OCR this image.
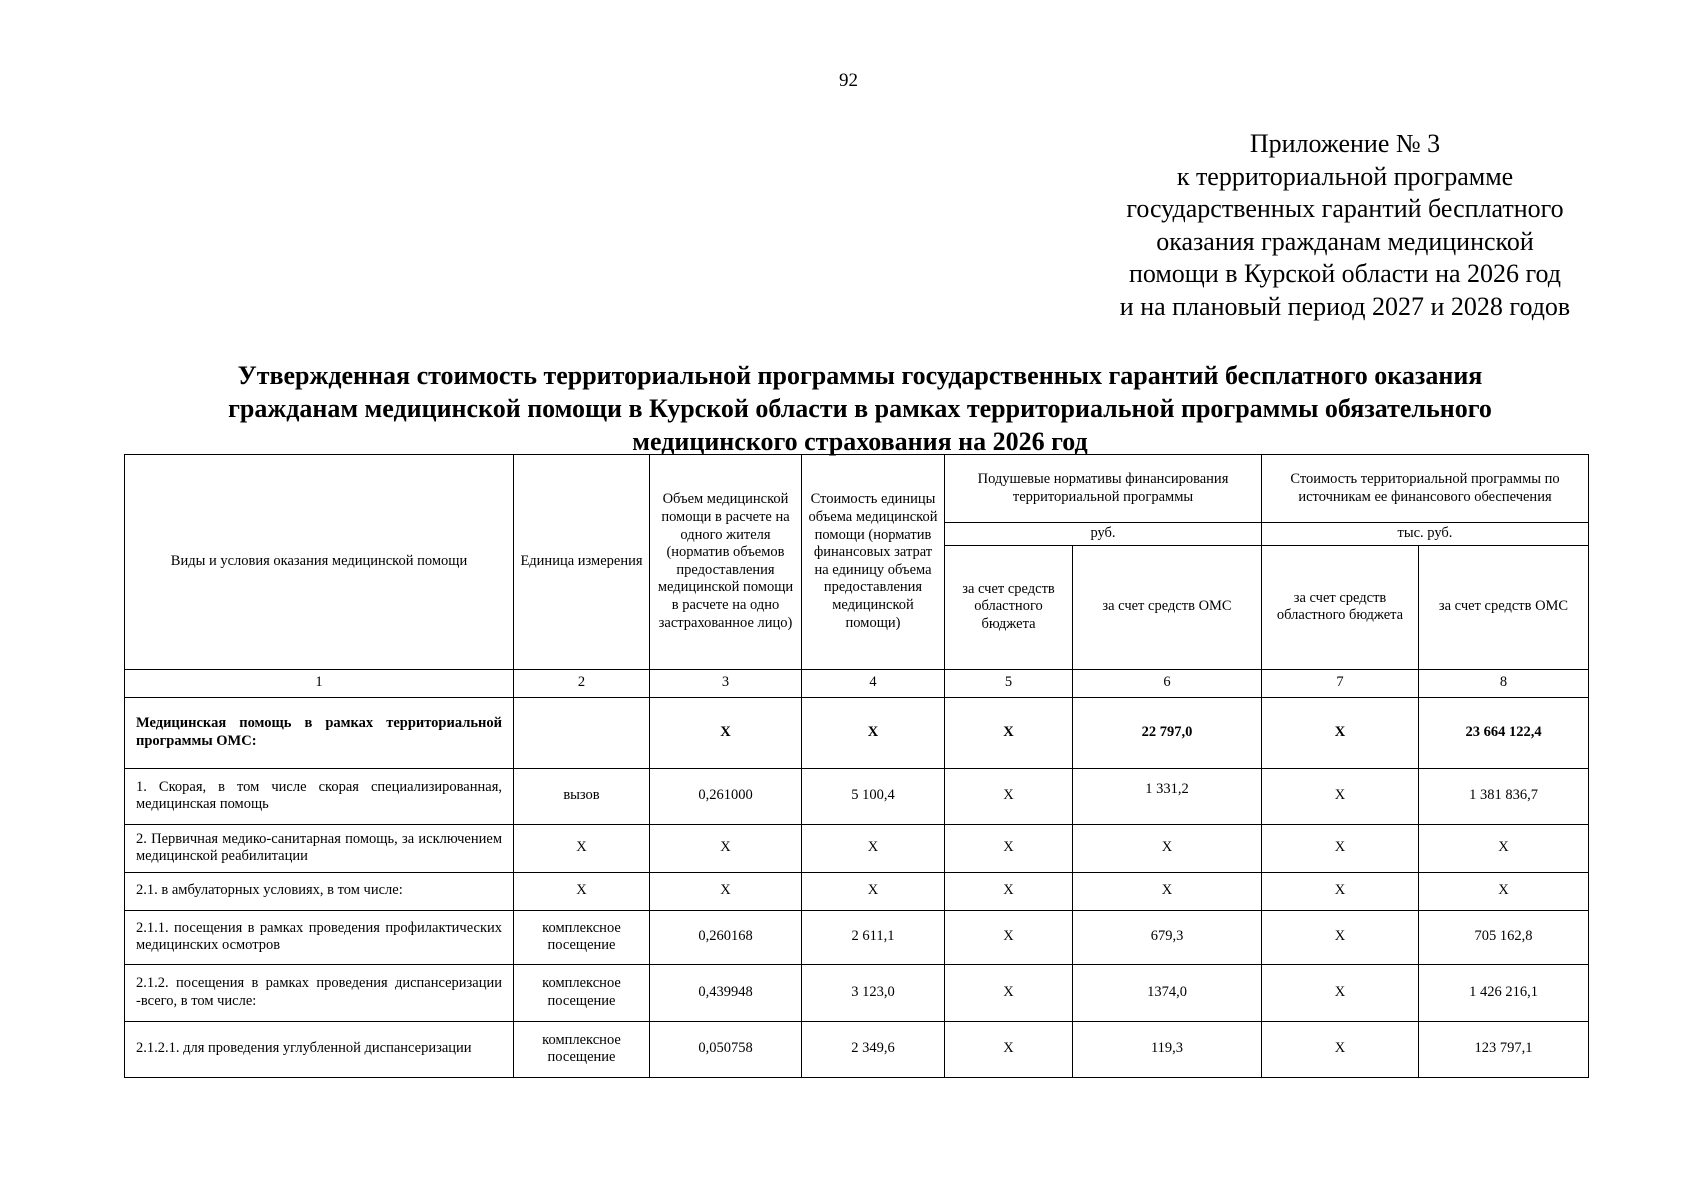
92
Приложение № 3
к территориальной программе
государственных гарантий бесплатного
оказания гражданам медицинской
помощи в Курской области на 2026 год
и на плановый период 2027 и 2028 годов
Утвержденная стоимость территориальной программы государственных гарантий бесплатного оказания
гражданам медицинской помощи в Курской области в рамках территориальной программы обязательного
медицинского страхования на 2026 год
Виды и условия оказания медицинской помощи	Единица измерения	Объем медицинской помощи в расчете на одного жителя (норматив объемов предоставления медицинской помощи в расчете на одно застрахованное лицо)	Стоимость единицы объема медицинской помощи (норматив финансовых затрат на единицу объема предоставления медицинской помощи)	Подушевые нормативы финансирования территориальной программы		Стоимость территориальной программы по источникам ее финансового обеспечения	
				руб.		тыс. руб.	
				за счет средств областного бюджета	за счет средств ОМС	за счет средств областного бюджета	за счет средств ОМС
1	2	3	4	5	6	7	8
Медицинская помощь в рамках территориальной программы ОМС:		Х	Х	Х	22 797,0	Х	23 664 122,4
1. Скорая, в том числе скорая специализированная, медицинская помощь	вызов	0,261000	5 100,4	Х	1 331,2	Х	1 381 836,7
2. Первичная медико-санитарная помощь, за исключением медицинской реабилитации	Х	Х	Х	Х	Х	Х	Х
2.1. в амбулаторных условиях, в том числе:	Х	Х	Х	Х	Х	Х	Х
2.1.1. посещения в рамках проведения профилактических медицинских осмотров	комплексное посещение	0,260168	2 611,1	Х	679,3	Х	705 162,8
2.1.2. посещения в рамках проведения диспансеризации -всего, в том числе:	комплексное посещение	0,439948	3 123,0	Х	1374,0	Х	1 426 216,1
2.1.2.1. для проведения углубленной диспансеризации	комплексное посещение	0,050758	2 349,6	Х	119,3	Х	123 797,1
